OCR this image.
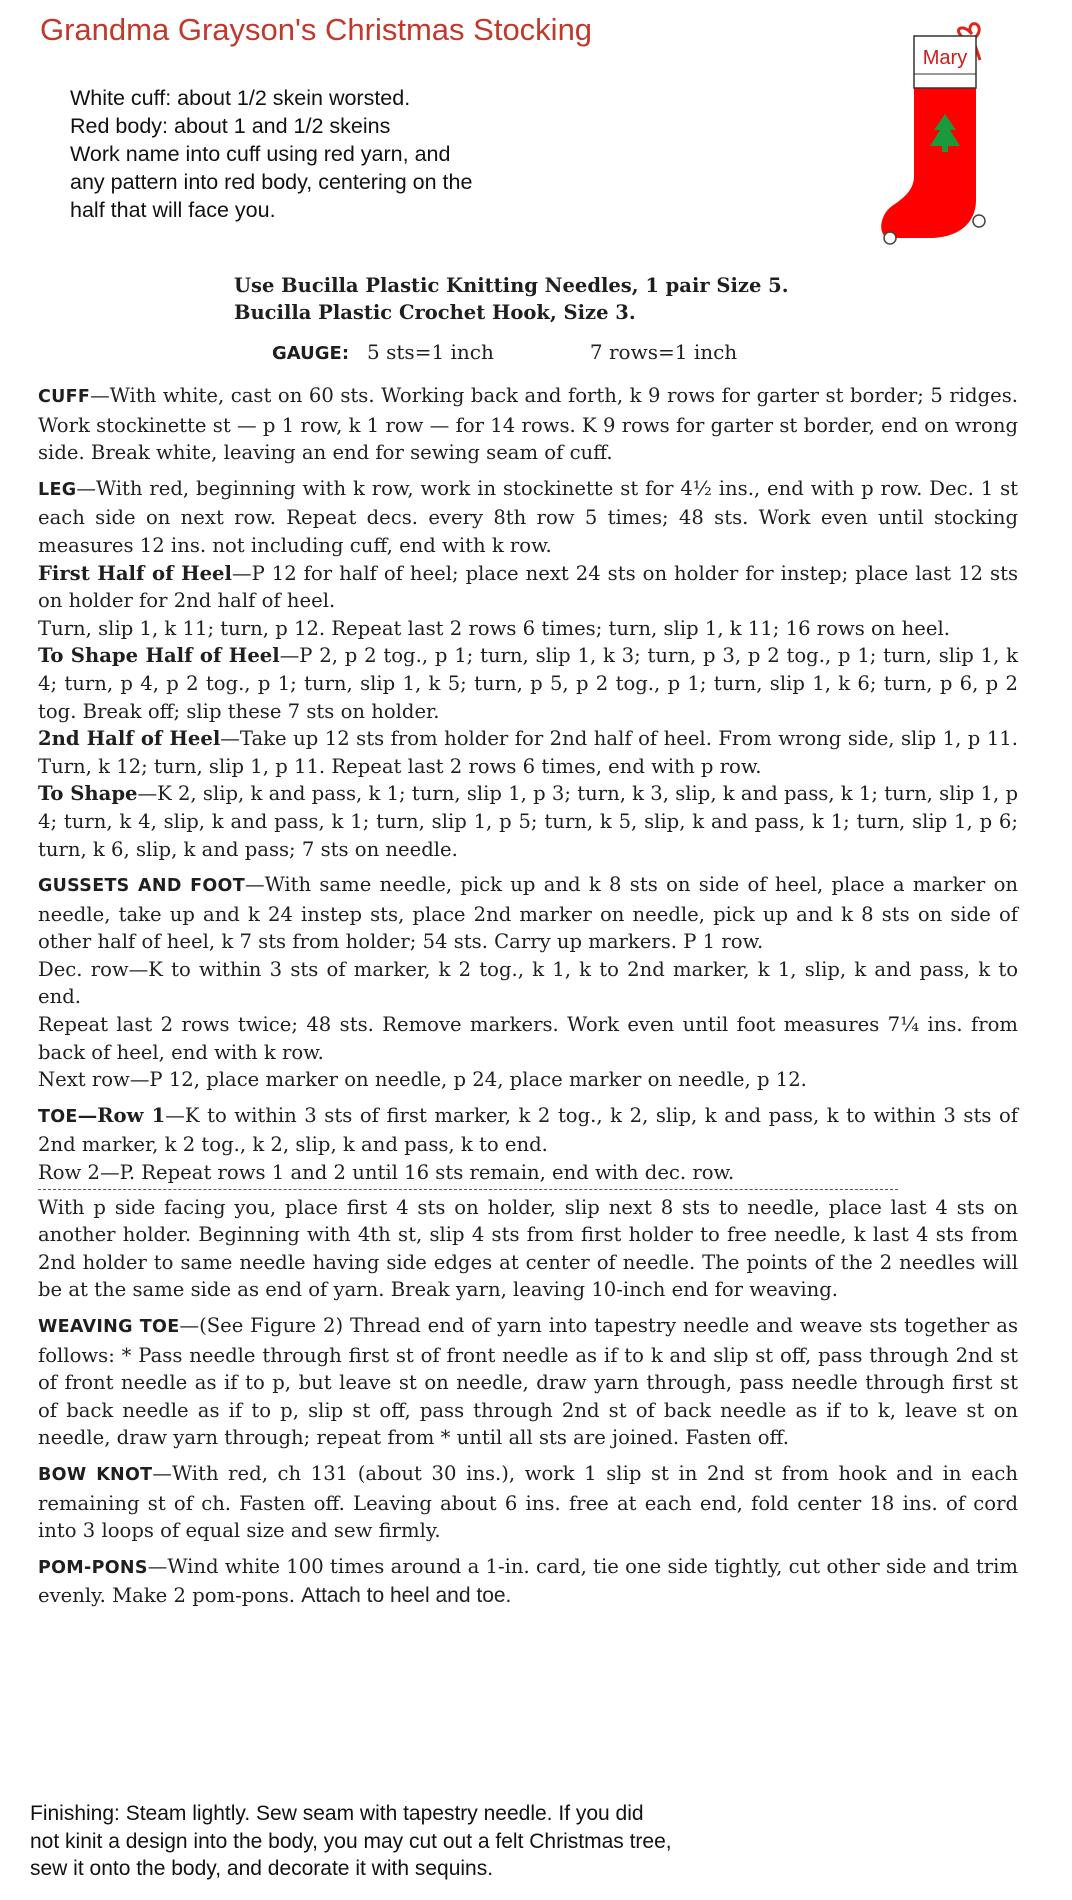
Grandma Grayson's Christmas Stocking
White cuff: about 1/2 skein worsted.
Red body: about 1 and 1/2 skeins
Work name into cuff using red yarn, and
any pattern into red body, centering on the
half that will face you.
Mary
Use Bucilla Plastic Knitting Needles, 1 pair Size 5.
Bucilla Plastic Crochet Hook, Size 3.
GAUGE: 5 sts=1 inch	7 rows=1 inch

CUFF—With white, cast on 60 sts. Working back and forth, k 9 rows for garter st border; 5 ridges. Work stockinette st — p 1 row, k 1 row — for 14 rows. K 9 rows for garter st border, end on wrong side. Break white, leaving an end for sewing seam of cuff.

LEG—With red, beginning with k row, work in stockinette st for 4½ ins., end with p row. Dec. 1 st each side on next row. Repeat decs. every 8th row 5 times; 48 sts. Work even until stocking measures 12 ins. not including cuff, end with k row.

First Half of Heel—P 12 for half of heel; place next 24 sts on holder for instep; place last 12 sts on holder for 2nd half of heel.

Turn, slip 1, k 11; turn, p 12. Repeat last 2 rows 6 times; turn, slip 1, k 11; 16 rows on heel.

To Shape Half of Heel—P 2, p 2 tog., p 1; turn, slip 1, k 3; turn, p 3, p 2 tog., p 1; turn, slip 1, k 4; turn, p 4, p 2 tog., p 1; turn, slip 1, k 5; turn, p 5, p 2 tog., p 1; turn, slip 1, k 6; turn, p 6, p 2 tog. Break off; slip these 7 sts on holder.

2nd Half of Heel—Take up 12 sts from holder for 2nd half of heel. From wrong side, slip 1, p 11. Turn, k 12; turn, slip 1, p 11. Repeat last 2 rows 6 times, end with p row.

To Shape—K 2, slip, k and pass, k 1; turn, slip 1, p 3; turn, k 3, slip, k and pass, k 1; turn, slip 1, p 4; turn, k 4, slip, k and pass, k 1; turn, slip 1, p 5; turn, k 5, slip, k and pass, k 1; turn, slip 1, p 6; turn, k 6, slip, k and pass; 7 sts on needle.

GUSSETS AND FOOT—With same needle, pick up and k 8 sts on side of heel, place a marker on needle, take up and k 24 instep sts, place 2nd marker on needle, pick up and k 8 sts on side of other half of heel, k 7 sts from holder; 54 sts. Carry up markers. P 1 row.

Dec. row—K to within 3 sts of marker, k 2 tog., k 1, k to 2nd marker, k 1, slip, k and pass, k to end.

Repeat last 2 rows twice; 48 sts. Remove markers. Work even until foot measures 7¼ ins. from back of heel, end with k row.

Next row—P 12, place marker on needle, p 24, place marker on needle, p 12.

TOE—Row 1—K to within 3 sts of first marker, k 2 tog., k 2, slip, k and pass, k to within 3 sts of 2nd marker, k 2 tog., k 2, slip, k and pass, k to end.

Row 2—P. Repeat rows 1 and 2 until 16 sts remain, end with dec. row.

With p side facing you, place first 4 sts on holder, slip next 8 sts to needle, place last 4 sts on another holder. Beginning with 4th st, slip 4 sts from first holder to free needle, k last 4 sts from 2nd holder to same needle having side edges at center of needle. The points of the 2 needles will be at the same side as end of yarn. Break yarn, leaving 10-inch end for weaving.

WEAVING TOE—(See Figure 2) Thread end of yarn into tapestry needle and weave sts together as follows: * Pass needle through first st of front needle as if to k and slip st off, pass through 2nd st of front needle as if to p, but leave st on needle, draw yarn through, pass needle through first st of back needle as if to p, slip st off, pass through 2nd st of back needle as if to k, leave st on needle, draw yarn through; repeat from * until all sts are joined. Fasten off.

BOW KNOT—With red, ch 131 (about 30 ins.), work 1 slip st in 2nd st from hook and in each remaining st of ch. Fasten off. Leaving about 6 ins. free at each end, fold center 18 ins. of cord into 3 loops of equal size and sew firmly.

POM-PONS—Wind white 100 times around a 1-in. card, tie one side tightly, cut other side and trim evenly. Make 2 pom-pons. Attach to heel and toe.

Finishing: Steam lightly. Sew seam with tapestry needle. If you did
not kinit a design into the body, you may cut out a felt Christmas tree,
sew it onto the body, and decorate it with sequins.
